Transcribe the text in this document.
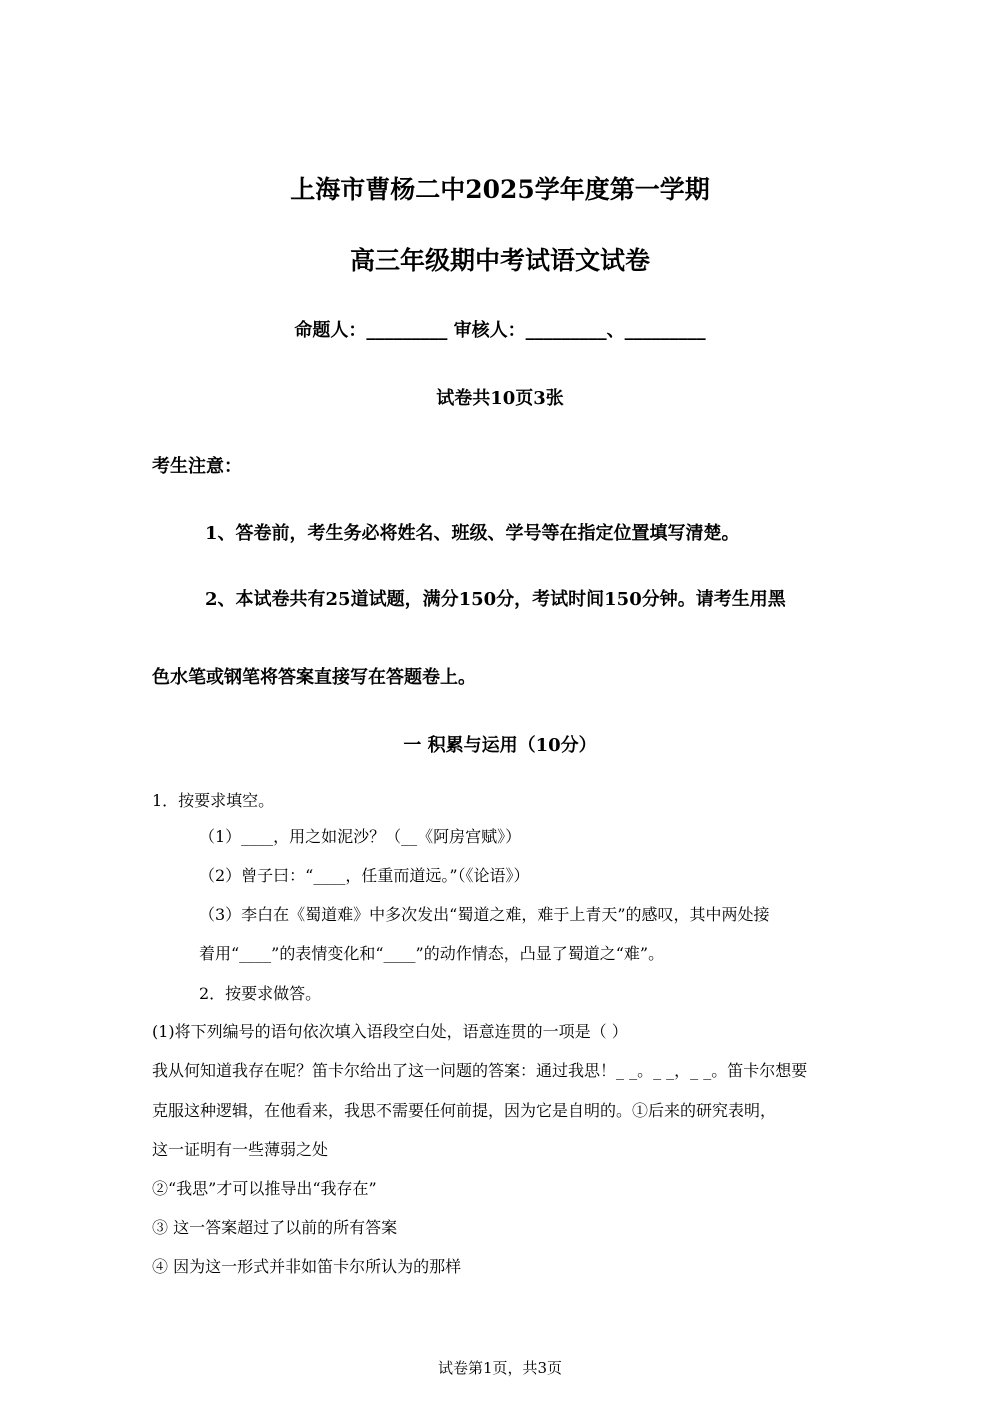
上海市曹杨二中2025学年度第一学期
高三年级期中考试语文试卷
命题人：_________ 审核人：_________、_________
试卷共10页3张
考生注意：
1、答卷前，考生务必将姓名、班级、学号等在指定位置填写清楚。
2、本试卷共有25道试题，满分150分，考试时间150分钟。请考生用黑
色水笔或钢笔将答案直接写在答题卷上。
一 积累与运用（10分）
1．按要求填空。
（1）____，用之如泥沙？（__《阿房宫赋》）
（2）曾子曰：“____，任重而道远。”（《论语》）
（3）李白在《蜀道难》中多次发出“蜀道之难，难于上青天”的感叹，其中两处接
着用“____”的表情变化和“____”的动作情态，凸显了蜀道之“难”。
2．按要求做答。
(1)将下列编号的语句依次填入语段空白处，语意连贯的一项是（ ）
我从何知道我存在呢？笛卡尔给出了这一问题的答案：通过我思！_ _。_ _，_ _。笛卡尔想要
克服这种逻辑，在他看来，我思不需要任何前提，因为它是自明的。①后来的研究表明，
这一证明有一些薄弱之处
②“我思”才可以推导出“我存在”
③ 这一答案超过了以前的所有答案
④ 因为这一形式并非如笛卡尔所认为的那样
试卷第1页，共3页
